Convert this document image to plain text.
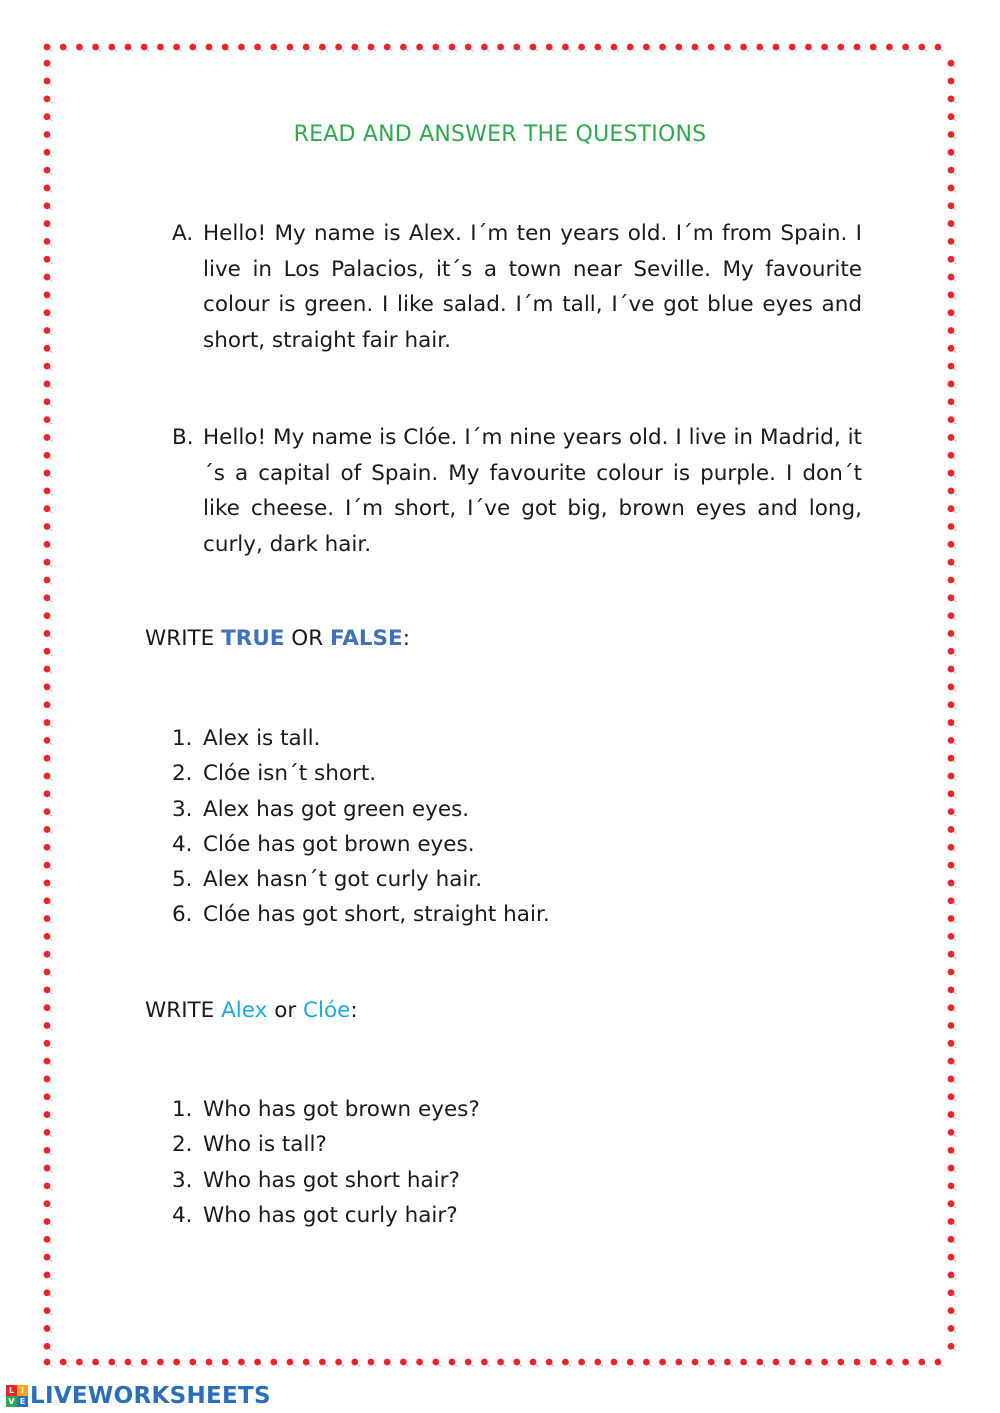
READ AND ANSWER THE QUESTIONS
A. Hello! My name is Alex. I´m ten years old. I´m from Spain. I live in Los Palacios, it´s a town near Seville. My favourite colour is green. I like salad. I´m tall, I´ve got blue eyes and short, straight fair hair.
B. Hello! My name is Clóe. I´m nine years old. I live in Madrid, it´s a capital of Spain. My favourite colour is purple. I don´t like cheese. I´m short, I´ve got big, brown eyes and long, curly, dark hair.
WRITE TRUE OR FALSE:
1. Alex is tall.
2. Clóe isn´t short.
3. Alex has got green eyes.
4. Clóe has got brown eyes.
5. Alex hasn´t got curly hair.
6. Clóe has got short, straight hair.
WRITE Alex or Clóe:
1. Who has got brown eyes?
2. Who is tall?
3. Who has got short hair?
4. Who has got curly hair?
L i
V E LIVEWORKSHEETS
